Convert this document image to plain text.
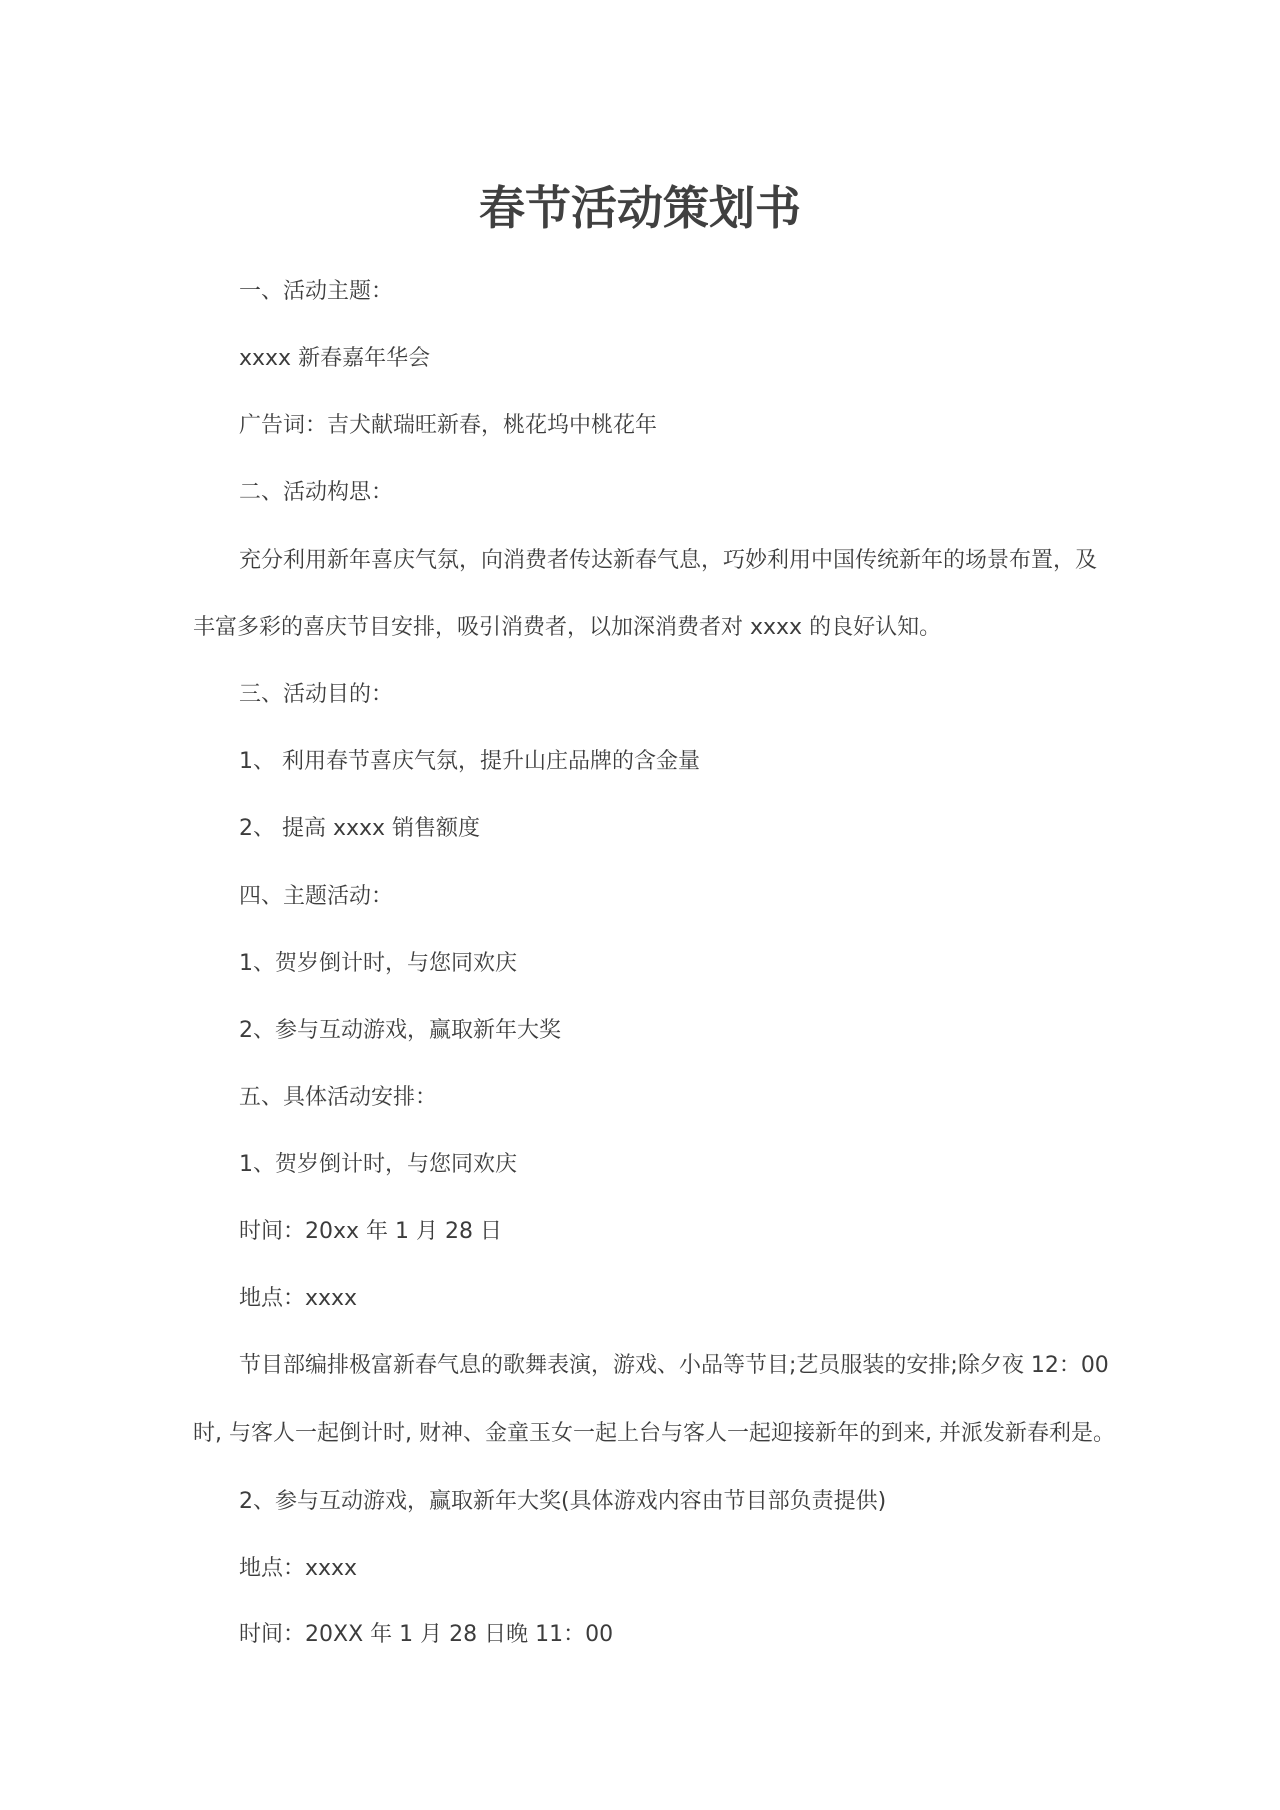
春节活动策划书
一、活动主题：
xxxx 新春嘉年华会
广告词：吉犬献瑞旺新春，桃花坞中桃花年
二、活动构思：
充分利用新年喜庆气氛，向消费者传达新春气息，巧妙利用中国传统新年的场景布置，及
丰富多彩的喜庆节目安排，吸引消费者，以加深消费者对 xxxx 的良好认知。
三、活动目的：
1、 利用春节喜庆气氛，提升山庄品牌的含金量
2、 提高 xxxx 销售额度
四、主题活动：
1、贺岁倒计时，与您同欢庆
2、参与互动游戏，赢取新年大奖
五、具体活动安排：
1、贺岁倒计时，与您同欢庆
时间：20xx 年 1 月 28 日
地点：xxxx
节目部编排极富新春气息的歌舞表演，游戏、小品等节目;艺员服装的安排;除夕夜 12：00
时, 与客人一起倒计时, 财神、金童玉女一起上台与客人一起迎接新年的到来, 并派发新春利是。
2、参与互动游戏，赢取新年大奖(具体游戏内容由节目部负责提供)
地点：xxxx
时间：20XX 年 1 月 28 日晚 11：00
